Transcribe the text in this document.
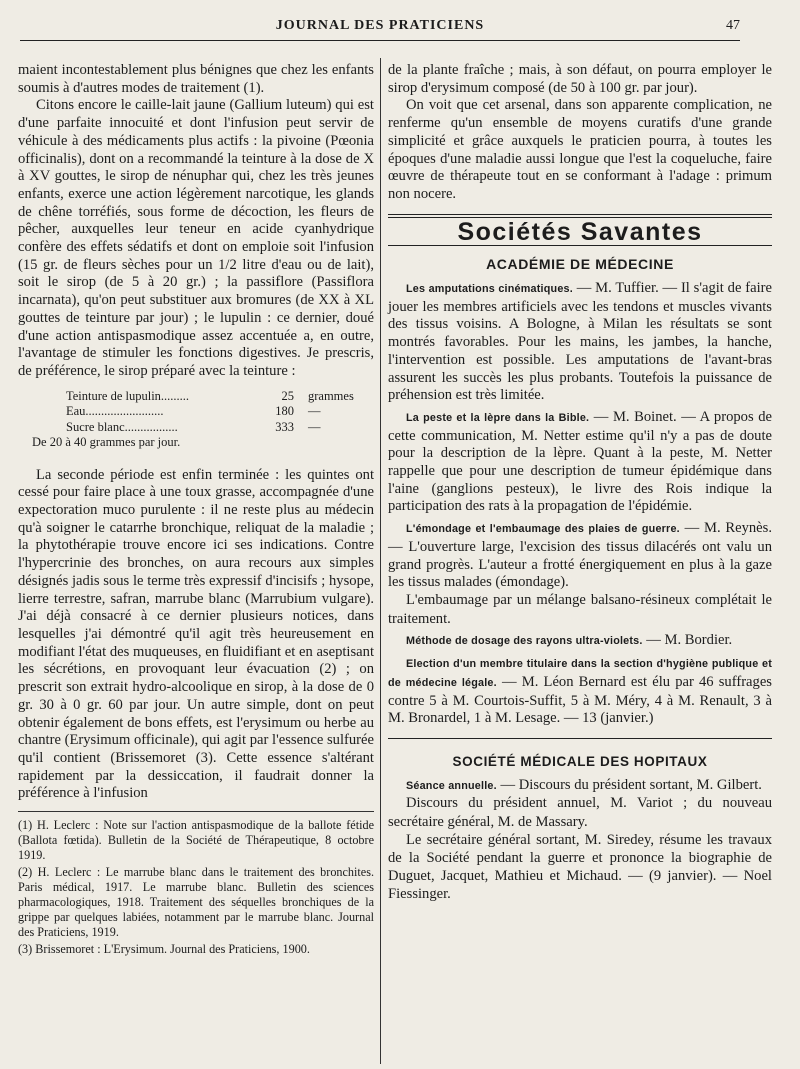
JOURNAL DES PRATICIENS	47

maient incontestablement plus bénignes que chez les enfants soumis à d'autres modes de traitement (1).

Citons encore le caille-lait jaune (Gallium luteum) qui est d'une parfaite innocuité et dont l'infusion peut servir de véhicule à des médicaments plus actifs : la pivoine (Pœonia officinalis), dont on a recommandé la teinture à la dose de X à XV gouttes, le sirop de nénuphar qui, chez les très jeunes enfants, exerce une action légèrement narcotique, les glands de chêne torréfiés, sous forme de décoction, les fleurs de pêcher, auxquelles leur teneur en acide cyanhydrique confère des effets sédatifs et dont on emploie soit l'infusion (15 gr. de fleurs sèches pour un 1/2 litre d'eau ou de lait), soit le sirop (de 5 à 20 gr.) ; la passiflore (Passiflora incarnata), qu'on peut substituer aux bromures (de XX à XL gouttes de teinture par jour) ; le lupulin : ce dernier, doué d'une action antispasmodique assez accentuée a, en outre, l'avantage de stimuler les fonctions digestives. Je prescris, de préférence, le sirop préparé avec la teinture :

Teinture de lupulin.........	25	grammes
Eau.........................	180	—
Sucre blanc.................	333	—
De 20 à 40 grammes par jour.

La seconde période est enfin terminée : les quintes ont cessé pour faire place à une toux grasse, accompagnée d'une expectoration muco purulente : il ne reste plus au médecin qu'à soigner le catarrhe bronchique, reliquat de la maladie ; la phytothérapie trouve encore ici ses indications. Contre l'hypercrinie des bronches, on aura recours aux simples désignés jadis sous le terme très expressif d'incisifs ; hysope, lierre terrestre, safran, marrube blanc (Marrubium vulgare). J'ai déjà consacré à ce dernier plusieurs notices, dans lesquelles j'ai démontré qu'il agit très heureusement en modifiant l'état des muqueuses, en fluidifiant et en aseptisant les sécrétions, en provoquant leur évacuation (2) ; on prescrit son extrait hydro-alcoolique en sirop, à la dose de 0 gr. 30 à 0 gr. 60 par jour. Un autre simple, dont on peut obtenir également de bons effets, est l'erysimum ou herbe au chantre (Erysimum officinale), qui agit par l'essence sulfurée qu'il contient (Brissemoret (3). Cette essence s'altérant rapidement par la dessiccation, il faudrait donner la préférence à l'infusion

(1) H. Leclerc : Note sur l'action antispasmodique de la ballote fétide (Ballota fœtida). Bulletin de la Société de Thérapeutique, 8 octobre 1919.

(2) H. Leclerc : Le marrube blanc dans le traitement des bronchites. Paris médical, 1917. Le marrube blanc. Bulletin des sciences pharmacologiques, 1918. Traitement des séquelles bronchiques de la grippe par quelques labiées, notamment par le marrube blanc. Journal des Praticiens, 1919.

(3) Brissemoret : L'Erysimum. Journal des Praticiens, 1900.

de la plante fraîche ; mais, à son défaut, on pourra employer le sirop d'erysimum composé (de 50 à 100 gr. par jour).

On voit que cet arsenal, dans son apparente complication, ne renferme qu'un ensemble de moyens curatifs d'une grande simplicité et grâce auxquels le praticien pourra, à toutes les époques d'une maladie aussi longue que l'est la coqueluche, faire œuvre de thérapeute tout en se conformant à l'adage : primum non nocere.

Sociétés Savantes
ACADÉMIE DE MÉDECINE

Les amputations cinématiques. — M. Tuffier. — Il s'agit de faire jouer les membres artificiels avec les tendons et muscles vivants des tissus voisins. A Bologne, à Milan les résultats se sont montrés favorables. Pour les mains, les jambes, la hanche, l'intervention est possible. Les amputations de l'avant-bras assurent les succès les plus probants. Toutefois la puissance de préhension est très limitée.

La peste et la lèpre dans la Bible. — M. Boinet. — A propos de cette communication, M. Netter estime qu'il n'y a pas de doute pour la description de la lèpre. Quant à la peste, M. Netter rappelle que pour une description de tumeur épidémique dans l'aine (ganglions pesteux), le livre des Rois indique la participation des rats à la propagation de l'épidémie.

L'émondage et l'embaumage des plaies de guerre. — M. Reynès. — L'ouverture large, l'excision des tissus dilacérés ont valu un grand progrès. L'auteur a frotté énergiquement en plus à la gaze les tissus malades (émondage).

L'embaumage par un mélange balsano-résineux complétait le traitement.

Méthode de dosage des rayons ultra-violets. — M. Bordier.

Election d'un membre titulaire dans la section d'hygiène publique et de médecine légale. — M. Léon Bernard est élu par 46 suffrages contre 5 à M. Courtois-Suffit, 5 à M. Méry, 4 à M. Renault, 3 à M. Bronardel, 1 à M. Lesage. — 13 (janvier.)

SOCIÉTÉ MÉDICALE DES HOPITAUX

Séance annuelle. — Discours du président sortant, M. Gilbert.

Discours du président annuel, M. Variot ; du nouveau secrétaire général, M. de Massary.

Le secrétaire général sortant, M. Siredey, résume les travaux de la Société pendant la guerre et prononce la biographie de Duguet, Jacquet, Mathieu et Michaud. — (9 janvier). — Noel Fiessinger.
